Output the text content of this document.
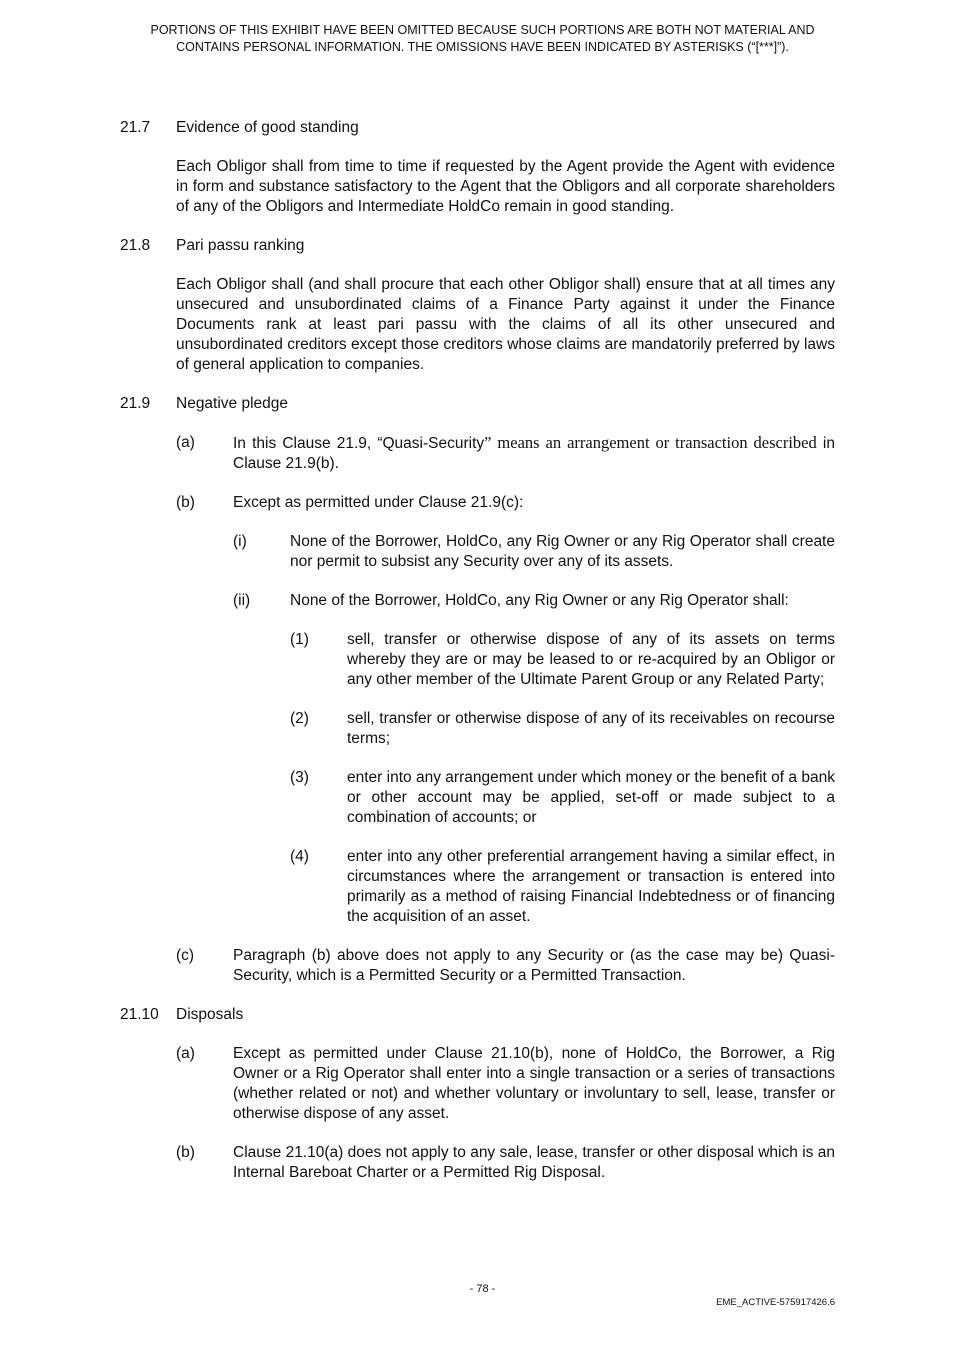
PORTIONS OF THIS EXHIBIT HAVE BEEN OMITTED BECAUSE SUCH PORTIONS ARE BOTH NOT MATERIAL AND
CONTAINS PERSONAL INFORMATION. THE OMISSIONS HAVE BEEN INDICATED BY ASTERISKS (“[***]”).
21.7	Evidence of good standing
Each Obligor shall from time to time if requested by the Agent provide the Agent with evidence in form and substance satisfactory to the Agent that the Obligors and all corporate shareholders of any of the Obligors and Intermediate HoldCo remain in good standing.
21.8	Pari passu ranking
Each Obligor shall (and shall procure that each other Obligor shall) ensure that at all times any unsecured and unsubordinated claims of a Finance Party against it under the Finance Documents rank at least pari passu with the claims of all its other unsecured and unsubordinated creditors except those creditors whose claims are mandatorily preferred by laws of general application to companies.
21.9	Negative pledge
(a)	In this Clause 21.9, “Quasi-Security” means an arrangement or transaction described in Clause 21.9(b).
(b)	Except as permitted under Clause 21.9(c):
(i)	None of the Borrower, HoldCo, any Rig Owner or any Rig Operator shall create nor permit to subsist any Security over any of its assets.
(ii)	None of the Borrower, HoldCo, any Rig Owner or any Rig Operator shall:
(1)	sell, transfer or otherwise dispose of any of its assets on terms whereby they are or may be leased to or re-acquired by an Obligor or any other member of the Ultimate Parent Group or any Related Party;
(2)	sell, transfer or otherwise dispose of any of its receivables on recourse terms;
(3)	enter into any arrangement under which money or the benefit of a bank or other account may be applied, set-off or made subject to a combination of accounts; or
(4)	enter into any other preferential arrangement having a similar effect, in circumstances where the arrangement or transaction is entered into primarily as a method of raising Financial Indebtedness or of financing the acquisition of an asset.
(c)	Paragraph (b) above does not apply to any Security or (as the case may be) Quasi-Security, which is a Permitted Security or a Permitted Transaction.
21.10	Disposals
(a)	Except as permitted under Clause 21.10(b), none of HoldCo, the Borrower, a Rig Owner or a Rig Operator shall enter into a single transaction or a series of transactions (whether related or not) and whether voluntary or involuntary to sell, lease, transfer or otherwise dispose of any asset.
(b)	Clause 21.10(a) does not apply to any sale, lease, transfer or other disposal which is an Internal Bareboat Charter or a Permitted Rig Disposal.
- 78 -
EME_ACTIVE-575917426.6
